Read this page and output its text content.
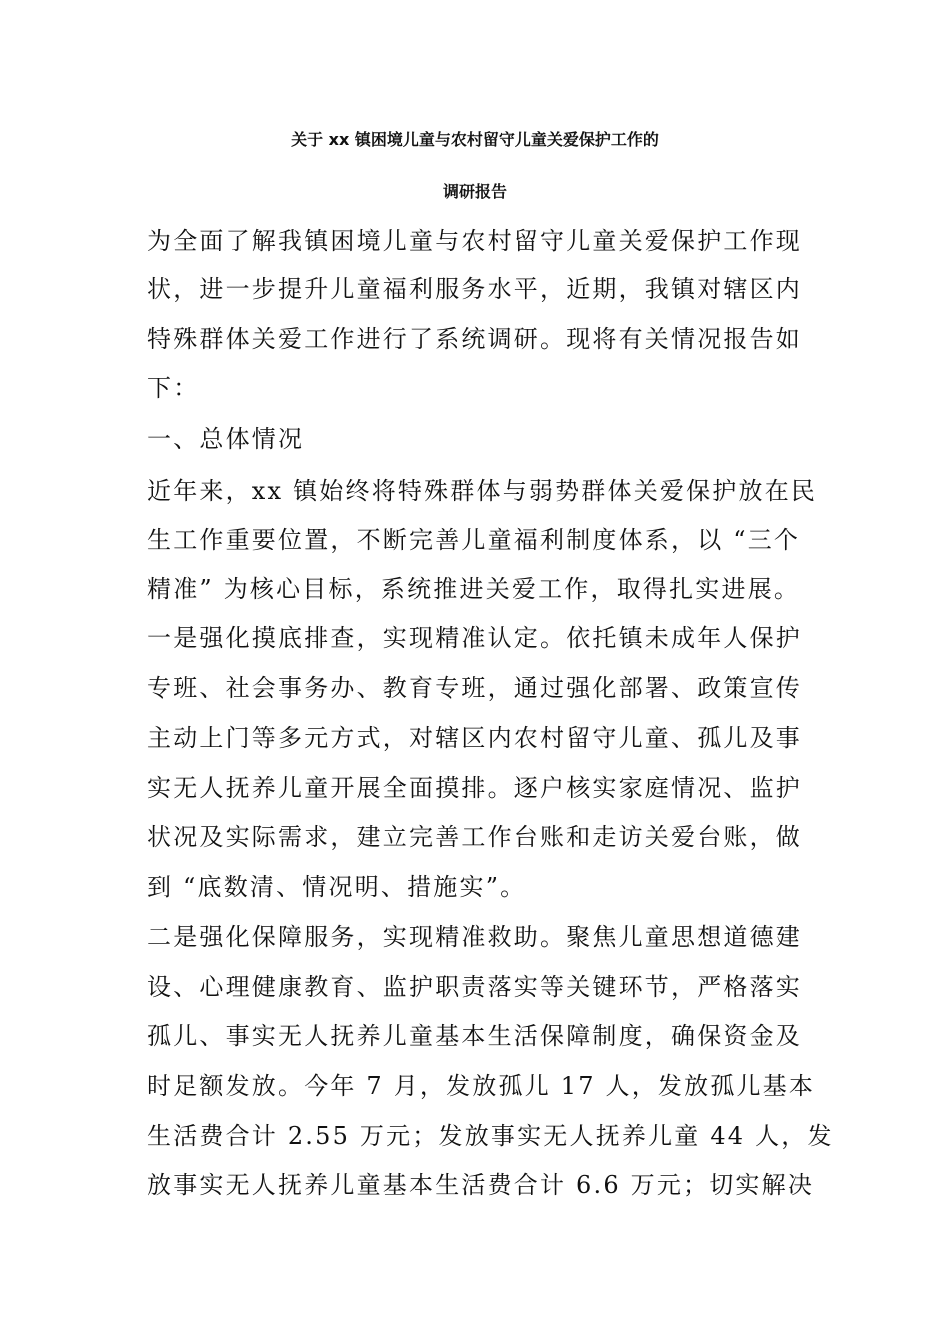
关于 xx 镇困境儿童与农村留守儿童关爱保护工作的
调研报告

为全面了解我镇困境儿童与农村留守儿童关爱保护工作现

状，进一步提升儿童福利服务水平，近期，我镇对辖区内

特殊群体关爱工作进行了系统调研。现将有关情况报告如

下：

一、总体情况

近年来，xx 镇始终将特殊群体与弱势群体关爱保护放在民

生工作重要位置，不断完善儿童福利制度体系，以 “三个

精准” 为核心目标，系统推进关爱工作，取得扎实进展。

一是强化摸底排查，实现精准认定。依托镇未成年人保护

专班、社会事务办、教育专班，通过强化部署、政策宣传

主动上门等多元方式，对辖区内农村留守儿童、孤儿及事

实无人抚养儿童开展全面摸排。逐户核实家庭情况、监护

状况及实际需求，建立完善工作台账和走访关爱台账，做

到 “底数清、情况明、措施实”。

二是强化保障服务，实现精准救助。聚焦儿童思想道德建

设、心理健康教育、监护职责落实等关键环节，严格落实

孤儿、事实无人抚养儿童基本生活保障制度，确保资金及

时足额发放。今年 7 月，发放孤儿 17 人，发放孤儿基本

生活费合计 2.55 万元；发放事实无人抚养儿童 44 人，发

放事实无人抚养儿童基本生活费合计 6.6 万元；切实解决
